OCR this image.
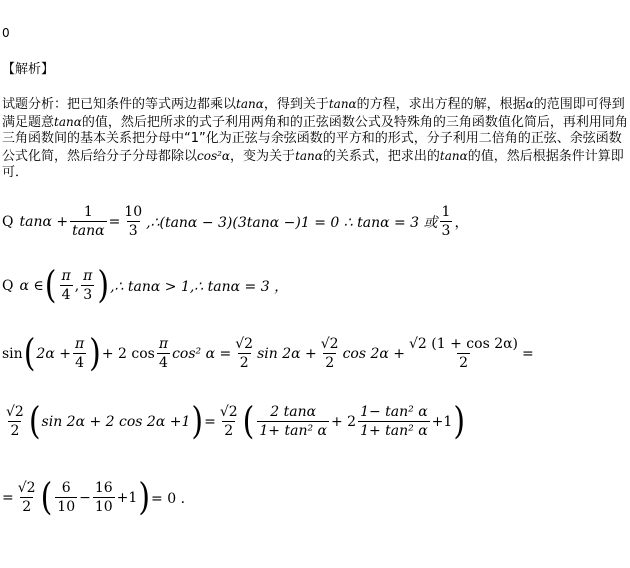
0
【解析】
试题分析：把已知条件的等式两边都乘以tanα，得到关于tanα的方程，求出方程的解，根据α的范围即可得到满足题意tanα的值，然后把所求的式子利用两角和的正弦函数公式及特殊角的三角函数值化简后，再利用同角三角函数间的基本关系把分母中“1”化为正弦与余弦函数的平方和的形式，分子利用二倍角的正弦、余弦函数公式化简，然后给分子分母都除以cos²α，变为关于tanα的关系式，把求出的tanα的值，然后根据条件计算即可．
Q $\tan\alpha + \frac{1}{\tan\alpha} = \frac{10}{3}$ ,∴(tanα − 3)(3tanα −)1 = 0 ∴ tanα = 3 或 $\frac{1}{3}$ ，
Q α ∈ ( $\frac{\pi}{4}$ , $\frac{\pi}{3}$ ) ,∴ tanα > 1,∴ tanα = 3 ，
sin ( $2\alpha + \frac{\pi}{4}$ ) + 2 $\cos \frac{\pi}{4} \cos^2$ $\alpha = \frac{√2}{2}$ $\sin 2\alpha + \frac{√2}{2}$ $\cos 2\alpha + \frac{√2 (1 + \cos 2\alpha)}{2}$ =
$\frac{√2}{2}$ ( sin 2α + 2 cos 2α +1 ) = $\frac{√2}{2}$ ( $\frac{2 \tan\alpha}{\text{1+ tan² α}} + 2 \frac{\text{1− tan² α}}{\text{1+ tan² α}} +1$ )
= $\frac{√2}{2}$ ( $\frac{6}{10} - \frac{16}{10} +1$ ) = 0 ．
